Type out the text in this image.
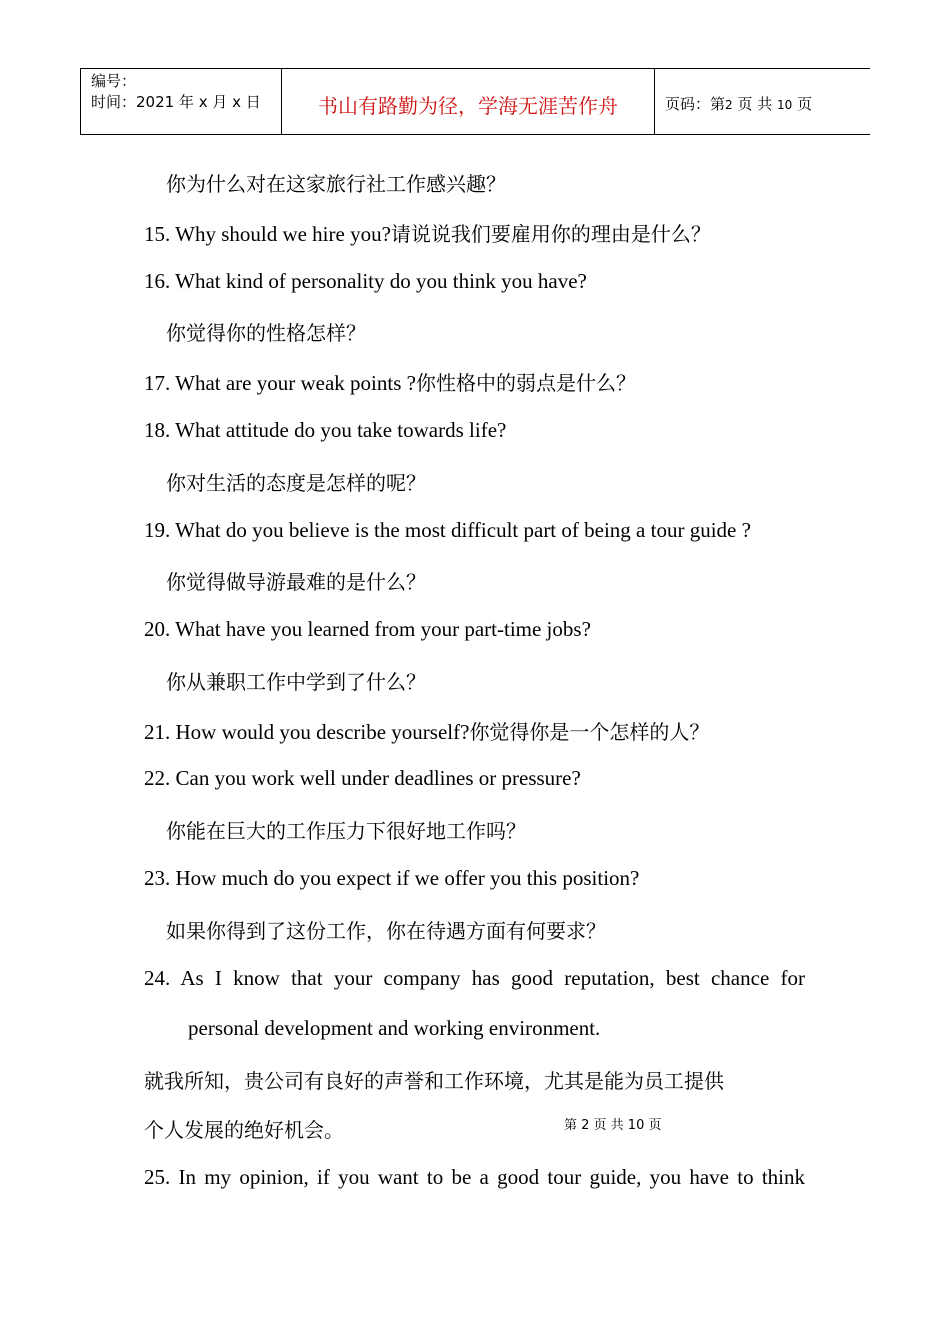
编号：
时间：2021 年 x 月 x 日	书山有路勤为径，学海无涯苦作舟	页码：第2 页 共 10 页
你为什么对在这家旅行社工作感兴趣？
15. Why should we hire you?请说说我们要雇用你的理由是什么？
16. What kind of personality do you think you have?
你觉得你的性格怎样？
17. What are your weak points ?你性格中的弱点是什么？
18. What attitude do you take towards life?
你对生活的态度是怎样的呢？
19. What do you believe is the most difficult part of being a tour guide ?
你觉得做导游最难的是什么？
20. What have you learned from your part-time jobs?
你从兼职工作中学到了什么？
21. How would you describe yourself?你觉得你是一个怎样的人？
22. Can you work well under deadlines or pressure?
你能在巨大的工作压力下很好地工作吗？
23. How much do you expect if we offer you this position?
如果你得到了这份工作，你在待遇方面有何要求？
24. As I know that your company has good reputation, best chance for
personal development and working environment.
就我所知，贵公司有良好的声誉和工作环境，尤其是能为员工提供
个人发展的绝好机会。	第 2 页 共 10 页
25. In my opinion, if you want to be a good tour guide, you have to think
